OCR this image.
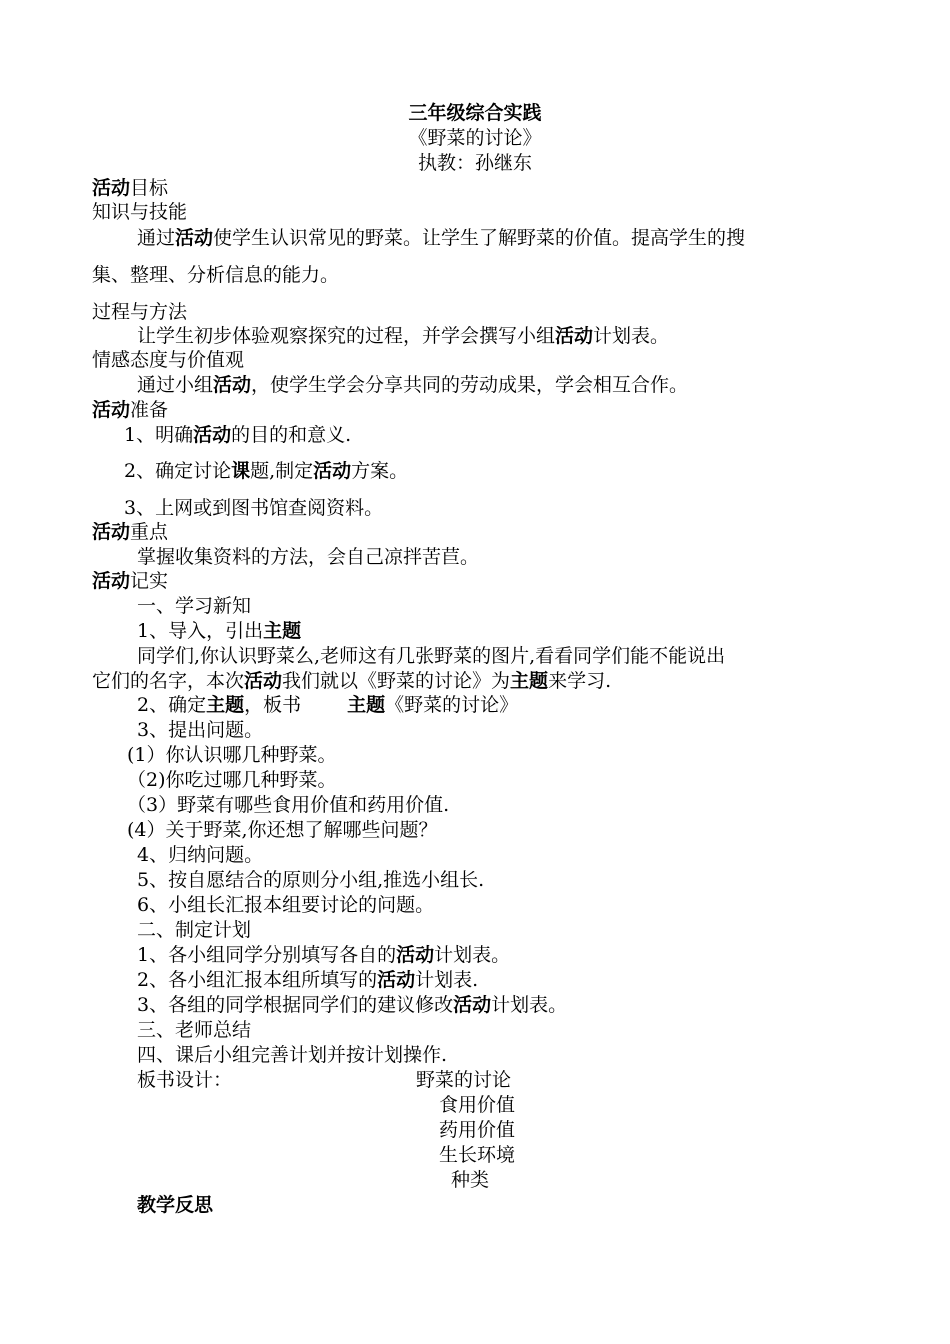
三年级综合实践
《野菜的讨论》
执教：孙继东
活动目标
知识与技能
通过活动使学生认识常见的野菜。让学生了解野菜的价值。提高学生的搜
集、整理、分析信息的能力。
过程与方法
让学生初步体验观察探究的过程，并学会撰写小组活动计划表。
情感态度与价值观
通过小组活动，使学生学会分享共同的劳动成果，学会相互合作。
活动准备
1、明确活动的目的和意义.
2、确定讨论课题,制定活动方案。
3、上网或到图书馆查阅资料。
活动重点
掌握收集资料的方法，会自己凉拌苦苣。
活动记实
一、学习新知
1、导入，引出主题
同学们,你认识野菜么,老师这有几张野菜的图片,看看同学们能不能说出
它们的名字，本次活动我们就以《野菜的讨论》为主题来学习.
2、确定主题，板书 主题《野菜的讨论》
3、提出问题。
(1）你认识哪几种野菜。
（2)你吃过哪几种野菜。
（3）野菜有哪些食用价值和药用价值.
(4）关于野菜,你还想了解哪些问题？
4、归纳问题。
5、按自愿结合的原则分小组,推选小组长.
6、小组长汇报本组要讨论的问题。
二、制定计划
1、各小组同学分别填写各自的活动计划表。
2、各小组汇报本组所填写的活动计划表.
3、各组的同学根据同学们的建议修改活动计划表。
三、老师总结
四、课后小组完善计划并按计划操作.
板书设计：	野菜的讨论
食用价值
药用价值
生长环境
种类
教学反思
